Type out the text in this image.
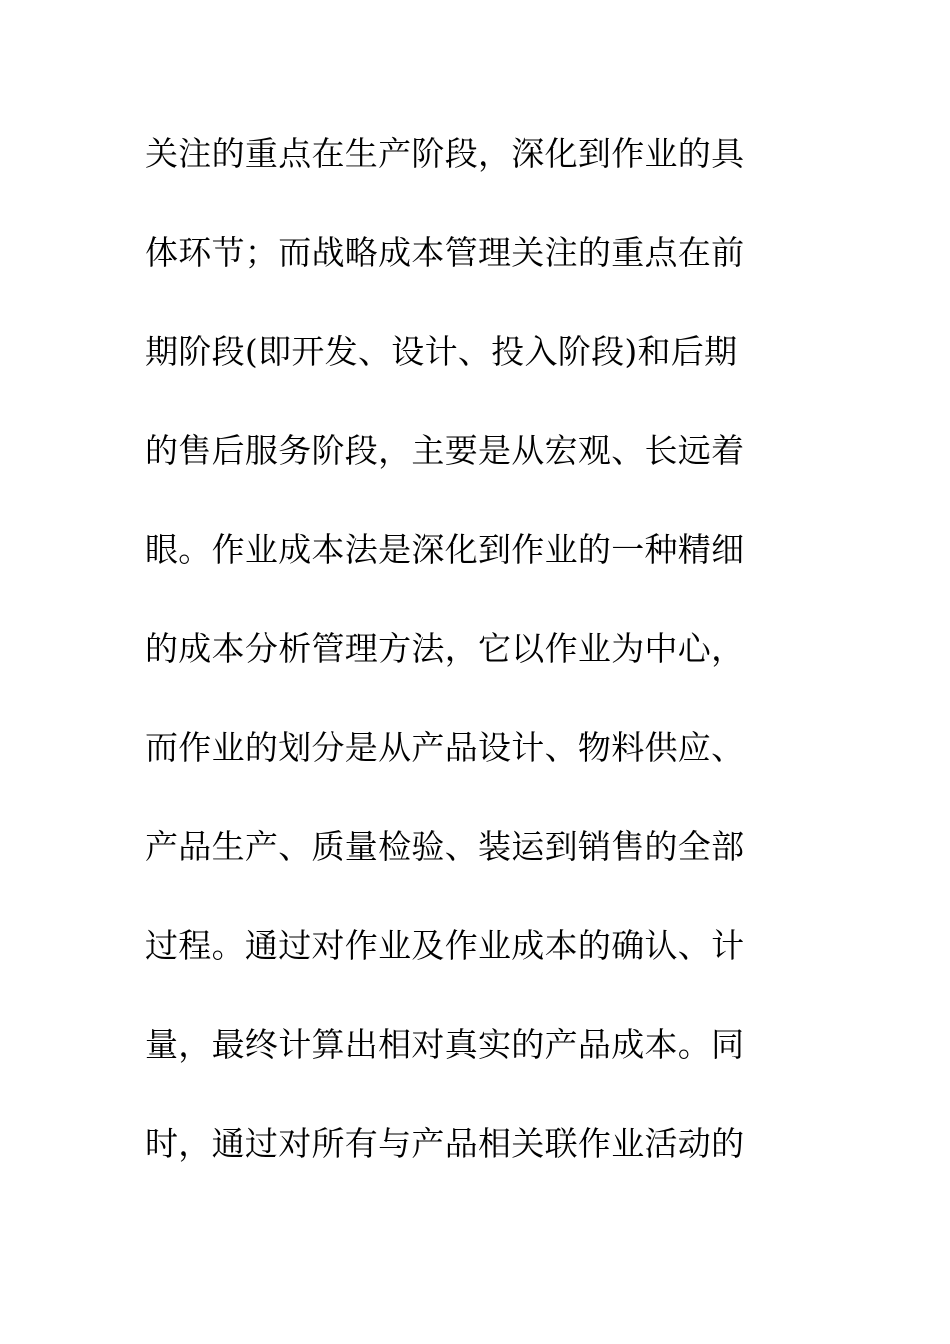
关注的重点在生产阶段，深化到作业的具
体环节；而战略成本管理关注的重点在前
期阶段(即开发、设计、投入阶段)和后期
的售后服务阶段，主要是从宏观、长远着
眼。作业成本法是深化到作业的一种精细
的成本分析管理方法，它以作业为中心，
而作业的划分是从产品设计、物料供应、
产品生产、质量检验、装运到销售的全部
过程。通过对作业及作业成本的确认、计
量，最终计算出相对真实的产品成本。同
时，通过对所有与产品相关联作业活动的
